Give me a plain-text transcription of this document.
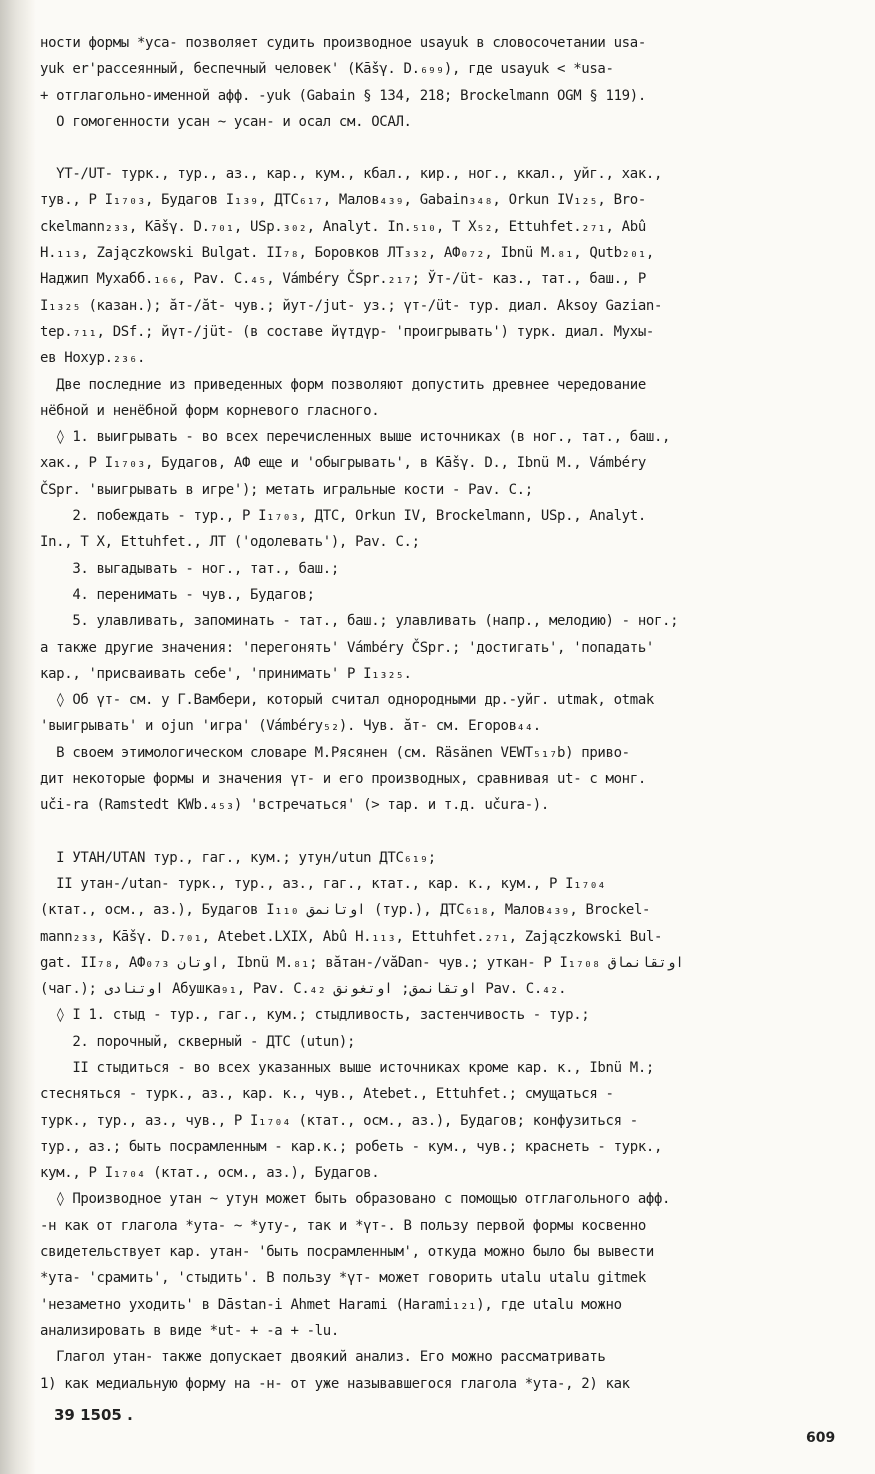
ности формы *уса- позволяет судить производное usayuk в словосочетании usa-
yuk er'рассеянный, беспечный человек' (Kāšγ. D.₆₉₉), где usayuk < *usa-
+ отглагольно-именной афф. -yuk (Gabain § 134, 218; Brockelmann OGM § 119).
О гомогенности усан ~ усан- и осал см. ОСАЛ.
ҮТ-/UT- турк., тур., аз., кар., кум., кбал., кир., ног., ккал., уйг., хак.,
тув., Р I₁₇₀₃, Будагов I₁₃₉, ДТС₆₁₇, Малов₄₃₉, Gabain₃₄₈, Orkun IV₁₂₅, Bro-
ckelmann₂₃₃, Kāšγ. D.₇₀₁, USp.₃₀₂, Analyt. In.₅₁₀, T X₅₂, Ettuhfet.₂₇₁, Abû
H.₁₁₃, Zajączkowski Bulgat. II₇₈, Боровков ЛТ₃₃₂, АФ₀₇₂, Ibnü M.₈₁, Qutb₂₀₁,
Наджип Мухабб.₁₆₆, Pav. C.₄₅, Vámbéry ČSpr.₂₁₇; Ўт-/üt- каз., тат., баш., Р
I₁₃₂₅ (казан.); ăт-/ăt- чув.; йут-/jut- уз.; үт-/üt- тур. диал. Aksoy Gazian-
tep.₇₁₁, DSf.; йүт-/jüt- (в составе йүтдүр- 'проигрывать') турк. диал. Мухы-
ев Нохур.₂₃₆.
Две последние из приведенных форм позволяют допустить древнее чередование
нёбной и ненёбной форм корневого гласного.
◊ 1. выигрывать - во всех перечисленных выше источниках (в ног., тат., баш.,
хак., Р I₁₇₀₃, Будагов, АФ еще и 'обыгрывать', в Kāšγ. D., Ibnü M., Vámbéry
ČSpr. 'выигрывать в игре'); метать игральные кости - Pav. C.;
2. побеждать - тур., Р I₁₇₀₃, ДТС, Orkun IV, Brockelmann, USp., Analyt.
In., T X, Ettuhfet., ЛТ ('одолевать'), Pav. C.;
3. выгадывать - ног., тат., баш.;
4. перенимать - чув., Будагов;
5. улавливать, запоминать - тат., баш.; улавливать (напр., мелодию) - ног.;
а также другие значения: 'перегонять' Vámbéry ČSpr.; 'достигать', 'попадать'
кар., 'присваивать себе', 'принимать' Р I₁₃₂₅.
◊ Об үт- см. у Г.Вамбери, который считал однородными др.-уйг. utmak, otmak
'выигрывать' и ojun 'игра' (Vámbéry₅₂). Чув. ăт- см. Егоров₄₄.
В своем этимологическом словаре М.Рясянен (см. Räsänen VEWT₅₁₇b) приво-
дит некоторые формы и значения үт- и его производных, сравнивая ut- с монг.
uči-ra (Ramstedt KWb.₄₅₃) 'встречаться' (> тар. и т.д. učura-).
I УТАН/UTAN тур., гаг., кум.; утун/utun ДТС₆₁₉;
II утан-/utan- турк., тур., аз., гаг., ктат., кар. к., кум., Р I₁₇₀₄
(ктат., осм., аз.), Будагов I₁₁₀ اوتانمق (тур.), ДТС₆₁₈, Малов₄₃₉, Brockel-
mann₂₃₃, Kāšγ. D.₇₀₁, Atebet.LXIX, Abû H.₁₁₃, Ettuhfet.₂₇₁, Zajączkowski Bul-
gat. II₇₈, АФ₀₇₃ اوتان, Ibnü M.₈₁; вăтан-/văDan- чув.; уткан- Р I₁₇₀₈ اوتقانماق
(чаг.); اوتنادی Абушка₉₁, Pav. C.₄₂ اوتقانمق; اوتغونق Pav. C.₄₂.
◊ I 1. стыд - тур., гаг., кум.; стыдливость, застенчивость - тур.;
2. порочный, скверный - ДТС (utun);
II стыдиться - во всех указанных выше источниках кроме кар. к., Ibnü M.;
стесняться - турк., аз., кар. к., чув., Atebet., Ettuhfet.; смущаться -
турк., тур., аз., чув., Р I₁₇₀₄ (ктат., осм., аз.), Будагов; конфузиться -
тур., аз.; быть посрамленным - кар.к.; робеть - кум., чув.; краснеть - турк.,
кум., Р I₁₇₀₄ (ктат., осм., аз.), Будагов.
◊ Производное утан ~ утун может быть образовано с помощью отглагольного афф.
-н как от глагола *ута- ~ *уту-, так и *үт-. В пользу первой формы косвенно
свидетельствует кар. утан- 'быть посрамленным', откуда можно было бы вывести
*ута- 'срамить', 'стыдить'. В пользу *үт- может говорить utalu utalu gitmek
'незаметно уходить' в Dāstan-i Ahmet Harami (Harami₁₂₁), где utalu можно
анализировать в виде *ut- + -a + -lu.
Глагол утан- также допускает двоякий анализ. Его можно рассматривать
1) как медиальную форму на -н- от уже называвшегося глагола *ута-, 2) как
39 1505 .
609
